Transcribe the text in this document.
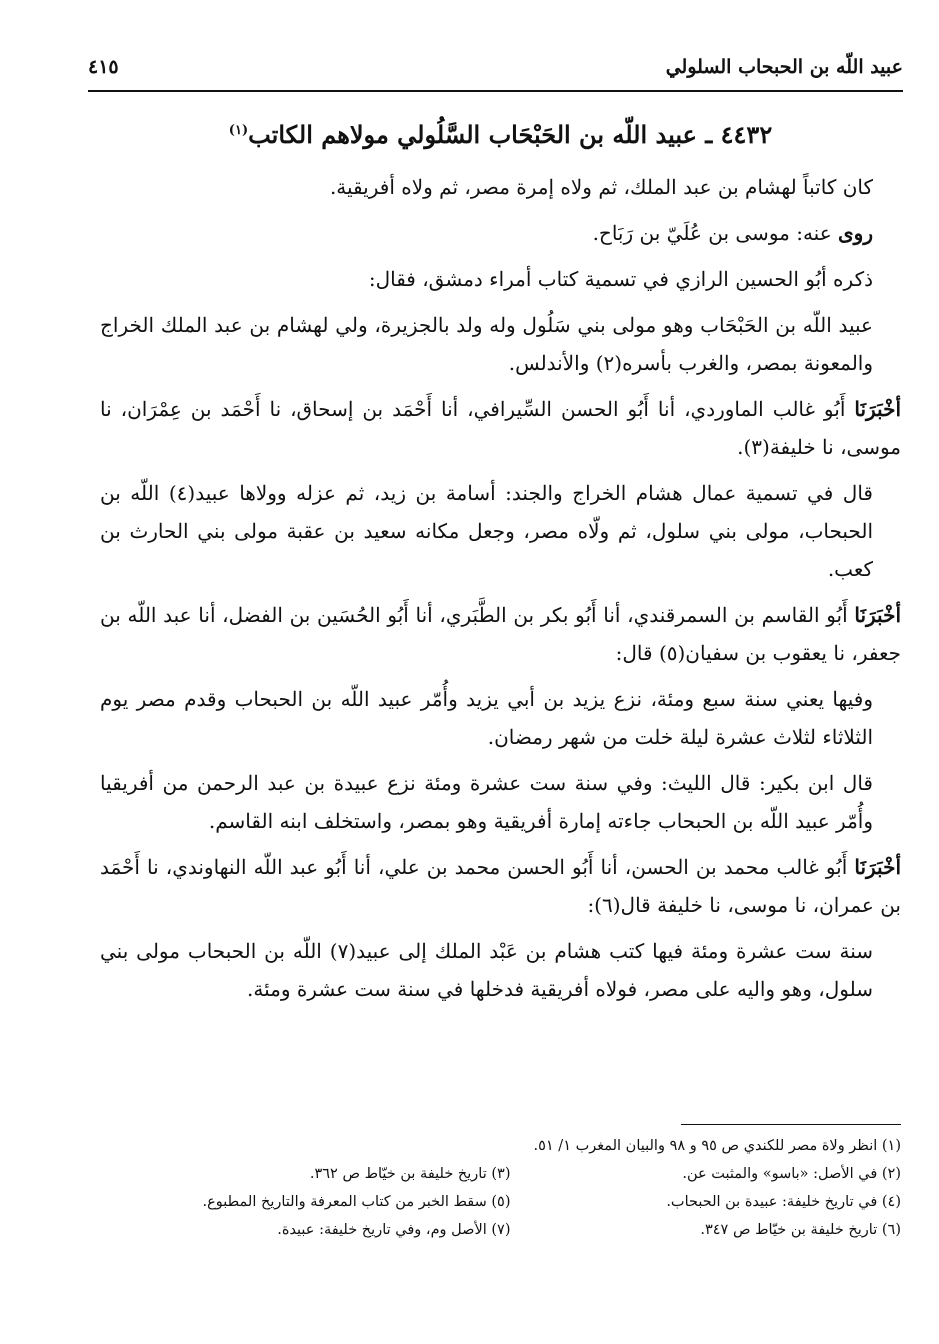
عبيد اللّه بن الحبحاب السلولي
٤١٥
٤٤٣٢ ـ عبيد اللّه بن الحَبْحَاب السَّلُولي مولاهم الكاتب$^{(١)}$

كان كاتباً لهشام بن عبد الملك، ثم ولاه إمرة مصر، ثم ولاه أفريقية.

روى عنه: موسى بن عُلَيّ بن رَبَاح.

ذكره أبُو الحسين الرازي في تسمية كتاب أمراء دمشق، فقال:

عبيد اللّه بن الحَبْحَاب وهو مولى بني سَلُول وله ولد بالجزيرة، ولي لهشام بن عبد الملك الخراج والمعونة بمصر، والغرب بأسره(٢) والأندلس.

أخْبَرَنَا أَبُو غالب الماوردي، أنا أَبُو الحسن السِّيرافي، أنا أَحْمَد بن إسحاق، نا أَحْمَد بن عِمْرَان، نا موسى، نا خليفة(٣).

قال في تسمية عمال هشام الخراج والجند: أسامة بن زيد، ثم عزله وولاها عبيد(٤) اللّه بن الحبحاب، مولى بني سلول، ثم ولّاه مصر، وجعل مكانه سعيد بن عقبة مولى بني الحارث بن كعب.

أخْبَرَنَا أَبُو القاسم بن السمرقندي، أنا أَبُو بكر بن الطَّبَري، أنا أَبُو الحُسَين بن الفضل، أنا عبد اللّه بن جعفر، نا يعقوب بن سفيان(٥) قال:

وفيها يعني سنة سبع ومئة، نزع يزيد بن أبي يزيد وأُمّر عبيد اللّه بن الحبحاب وقدم مصر يوم الثلاثاء لثلاث عشرة ليلة خلت من شهر رمضان.

قال ابن بكير: قال الليث: وفي سنة ست عشرة ومئة نزع عبيدة بن عبد الرحمن من أفريقيا وأُمّر عبيد اللّه بن الحبحاب جاءته إمارة أفريقية وهو بمصر، واستخلف ابنه القاسم.

أخْبَرَنَا أَبُو غالب محمد بن الحسن، أنا أَبُو الحسن محمد بن علي، أنا أَبُو عبد اللّه النهاوندي، نا أَحْمَد بن عمران، نا موسى، نا خليفة قال(٦):

سنة ست عشرة ومئة فيها كتب هشام بن عَبْد الملك إلى عبيد(٧) اللّه بن الحبحاب مولى بني سلول، وهو واليه على مصر، فولاه أفريقية فدخلها في سنة ست عشرة ومئة.

(١) انظر ولاة مصر للكندي ص ٩٥ و ٩٨ والبيان المغرب ١/ ٥١.
(٢) في الأصل: «باسو» والمثبت عن.
(٣) تاريخ خليفة بن خيّاط ص ٣٦٢.
(٤) في تاريخ خليفة: عبيدة بن الحبحاب.
(٥) سقط الخبر من كتاب المعرفة والتاريخ المطبوع.
(٦) تاريخ خليفة بن خيّاط ص ٣٤٧.
(٧) الأصل وم، وفي تاريخ خليفة: عبيدة.
